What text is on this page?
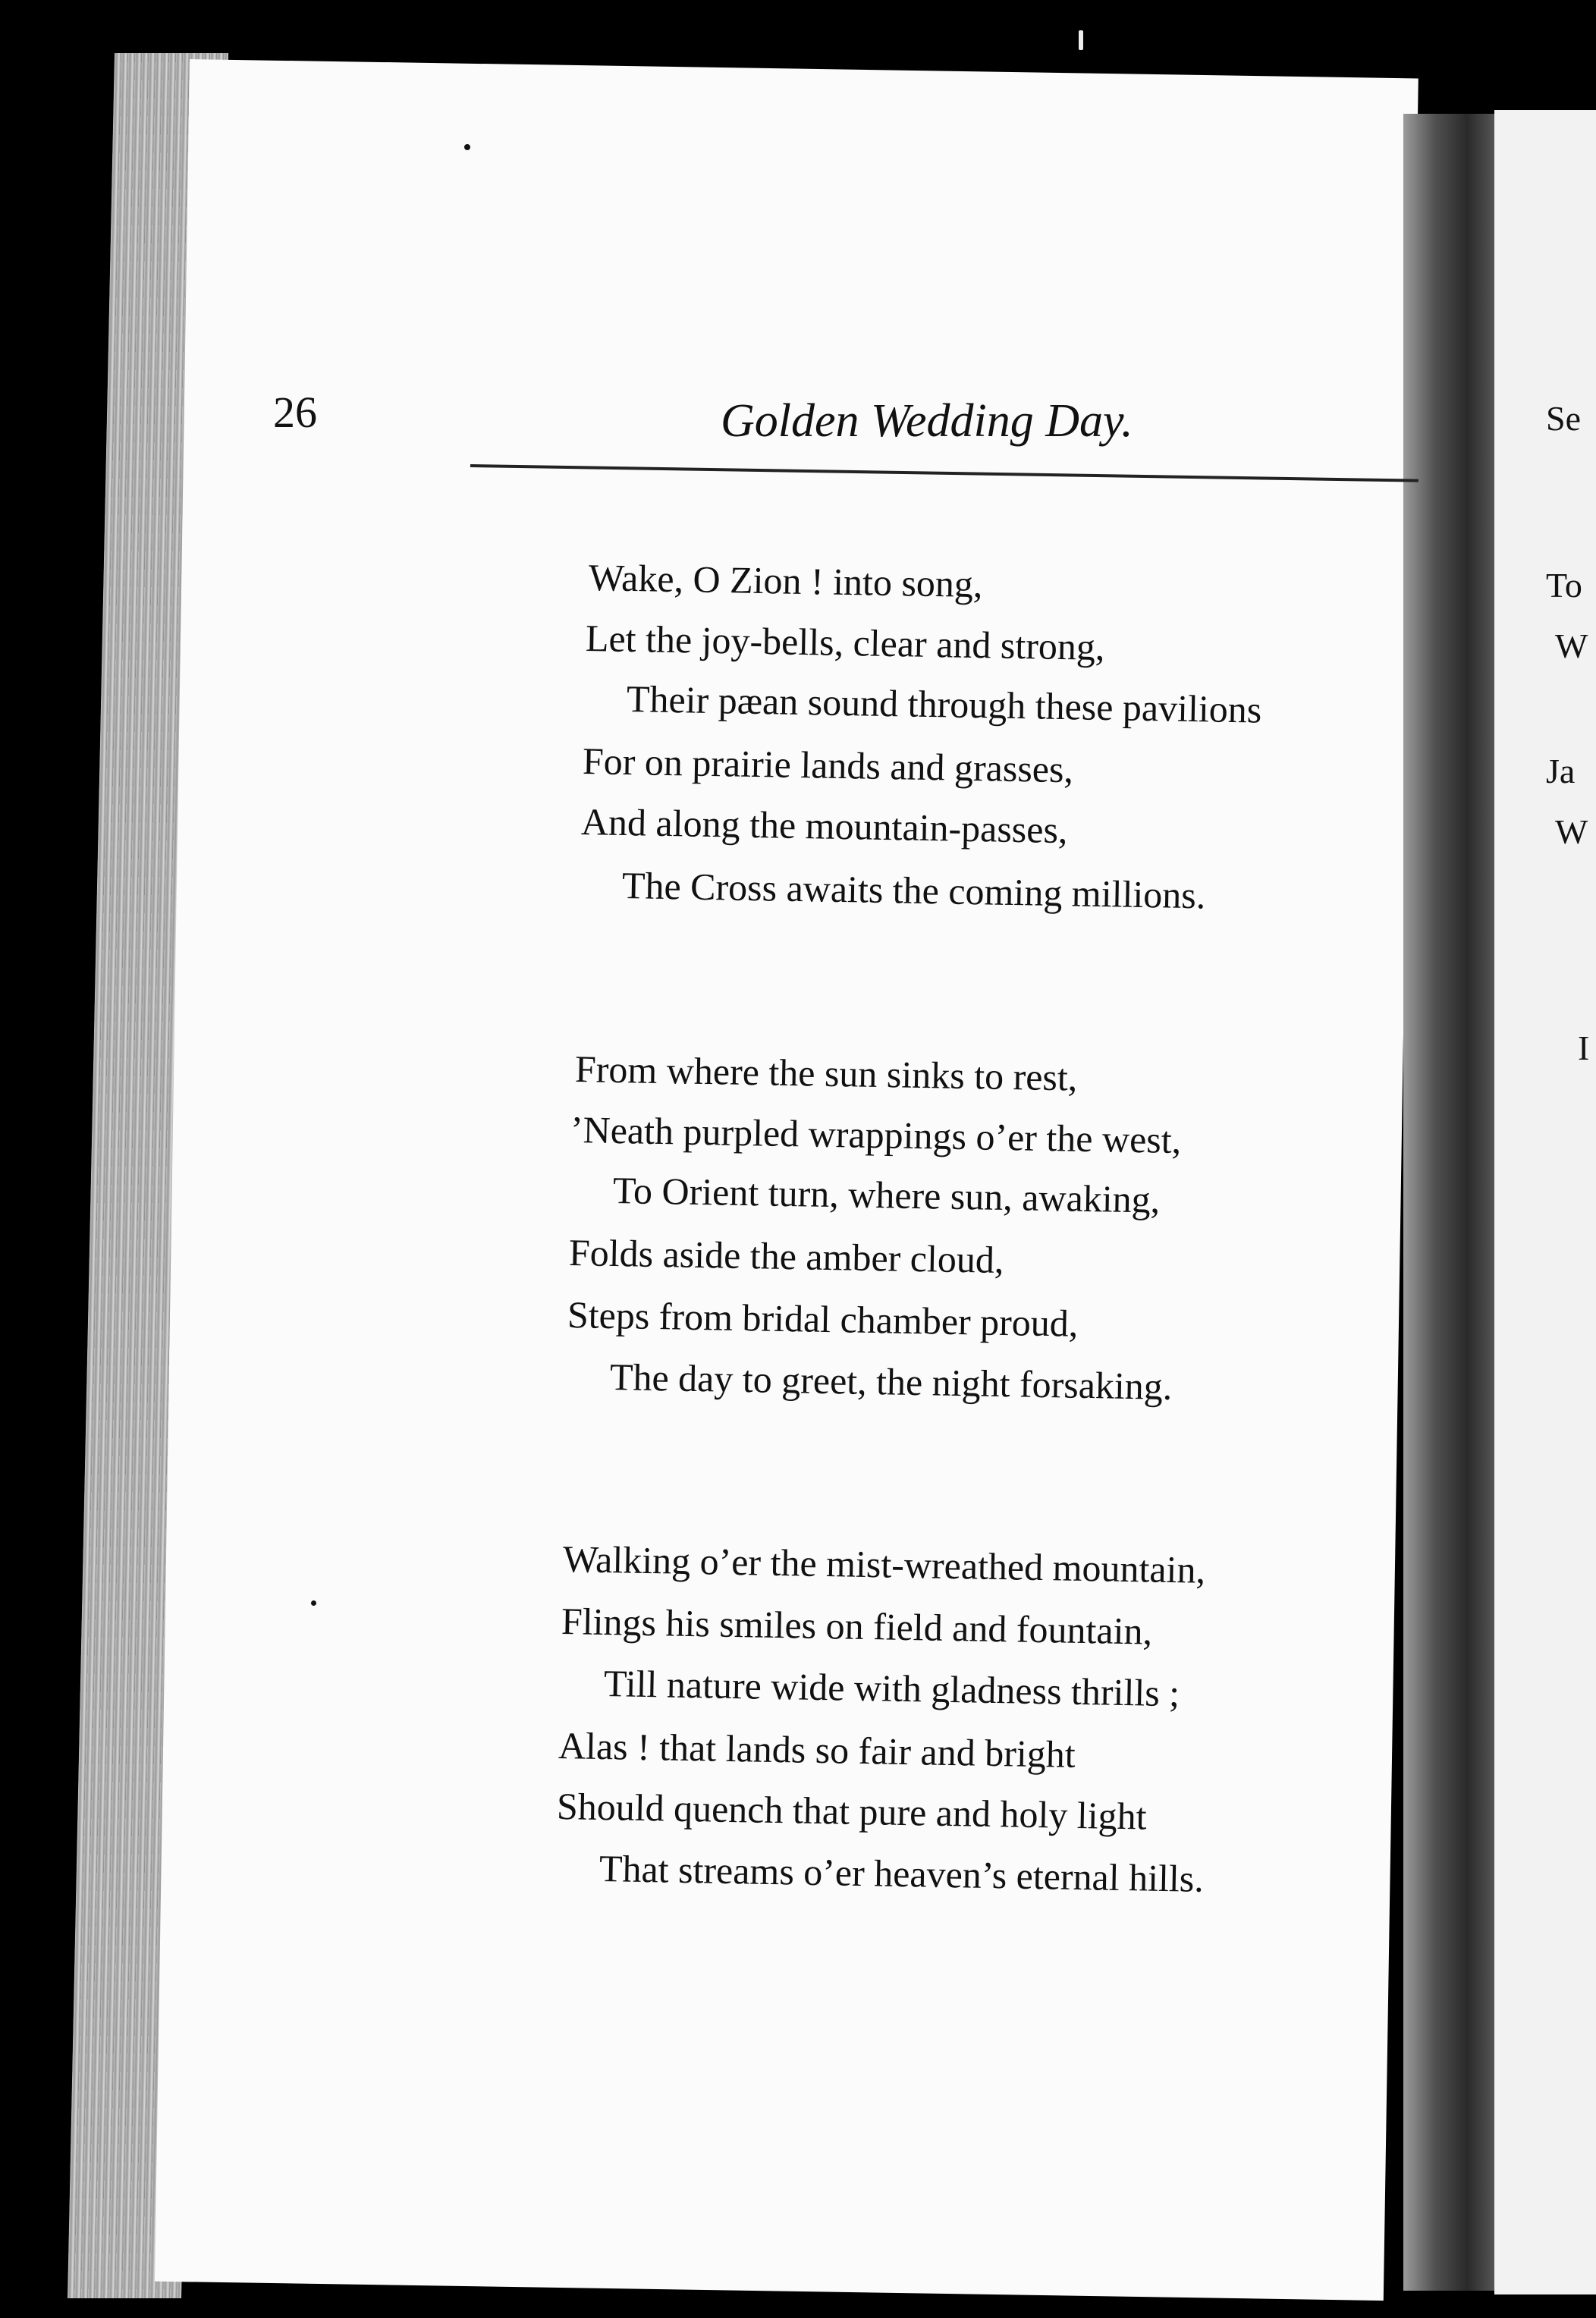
Se
To
W
Ja
W
I
26	Golden Wedding Day.
Wake, O Zion ! into song,
Let the joy-bells, clear and strong,
Their pæan sound through these pavilions
For on prairie lands and grasses,
And along the mountain-passes,
The Cross awaits the coming millions.
From where the sun sinks to rest,
’Neath purpled wrappings o’er the west,
To Orient turn, where sun, awaking,
Folds aside the amber cloud,
Steps from bridal chamber proud,
The day to greet, the night forsaking.
Walking o’er the mist-wreathed mountain,
Flings his smiles on field and fountain,
Till nature wide with gladness thrills ;
Alas ! that lands so fair and bright
Should quench that pure and holy light
That streams o’er heaven’s eternal hills.
